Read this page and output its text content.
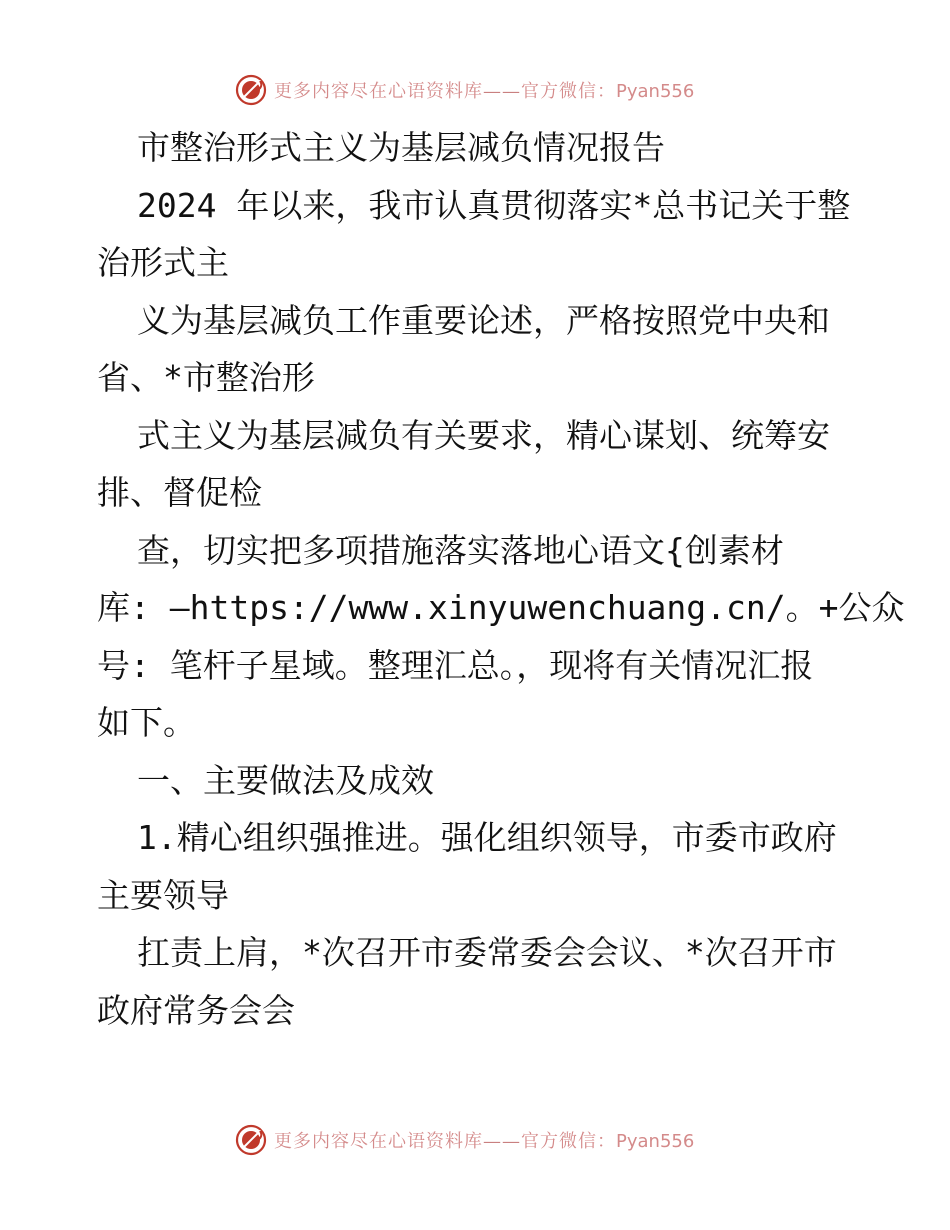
更多内容尽在心语资料库——官方微信：Pyan556
市整治形式主义为基层减负情况报告
2024 年以来，我市认真贯彻落实*总书记关于整
治形式主
义为基层减负工作重要论述，严格按照党中央和
省、*市整治形
式主义为基层减负有关要求，精心谋划、统筹安
排、督促检
查，切实把多项措施落实落地心语文{创素材
库: —https://www.xinyuwenchuang.cn/。+公众
号: 笔杆子星域。整理汇总。，现将有关情况汇报
如下。
一、主要做法及成效
1.精心组织强推进。强化组织领导，市委市政府
主要领导
扛责上肩，*次召开市委常委会会议、*次召开市
政府常务会会
更多内容尽在心语资料库——官方微信：Pyan556
